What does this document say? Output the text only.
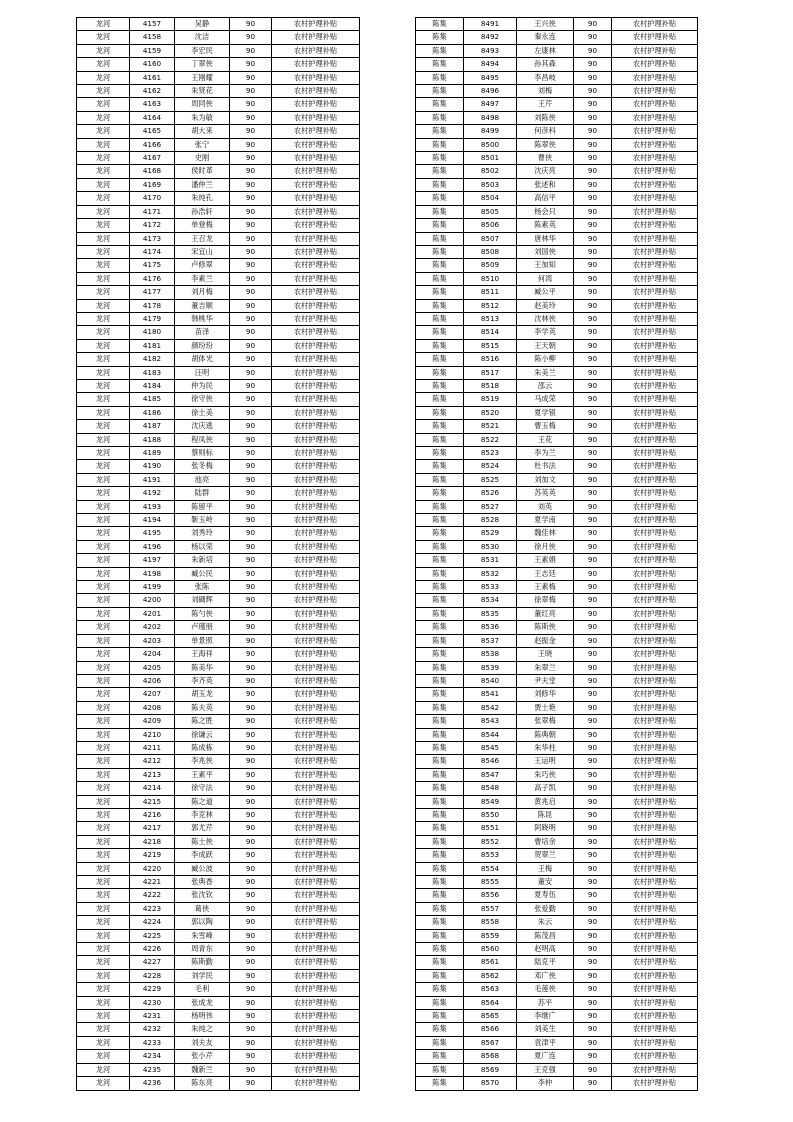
龙河	4157	吴静	90	农村护理补贴
龙河	4158	沈洁	90	农村护理补贴
龙河	4159	李宏民	90	农村护理补贴
龙河	4160	丁翠侠	90	农村护理补贴
龙河	4161	王刚耀	90	农村护理补贴
龙河	4162	朱贤花	90	农村护理补贴
龙河	4163	周同侠	90	农村护理补贴
龙河	4164	朱为敏	90	农村护理补贴
龙河	4165	胡大来	90	农村护理补贴
龙河	4166	张宁	90	农村护理补贴
龙河	4167	史刚	90	农村护理补贴
龙河	4168	侯时革	90	农村护理补贴
龙河	4169	潘仲兰	90	农村护理补贴
龙河	4170	朱纯孔	90	农村护理补贴
龙河	4171	孙浩轩	90	农村护理补贴
龙河	4172	单登梅	90	农村护理补贴
龙河	4173	王召龙	90	农村护理补贴
龙河	4174	宋宜山	90	农村护理补贴
龙河	4175	卢修翠	90	农村护理补贴
龙河	4176	李素兰	90	农村护理补贴
龙河	4177	刘月梅	90	农村护理补贴
龙河	4178	董吉顺	90	农村护理补贴
龙河	4179	韩桃华	90	农村护理补贴
龙河	4180	苗泽	90	农村护理补贴
龙河	4181	颜玢玢	90	农村护理补贴
龙河	4182	胡体光	90	农村护理补贴
龙河	4183	汪明	90	农村护理补贴
龙河	4184	仲为民	90	农村护理补贴
龙河	4185	徐守侠	90	农村护理补贴
龙河	4186	徐士美	90	农村护理补贴
龙河	4187	沈庆逃	90	农村护理补贴
龙河	4188	程凤侠	90	农村护理补贴
龙河	4189	蔡则标	90	农村护理补贴
龙河	4190	张冬梅	90	农村护理补贴
龙河	4191	池亮	90	农村护理补贴
龙河	4192	陆群	90	农村护理补贴
龙河	4193	陈留平	90	农村护理补贴
龙河	4194	靳玉岭	90	农村护理补贴
龙河	4195	刘秀玲	90	农村护理补贴
龙河	4196	杨以荣	90	农村护理补贴
龙河	4197	朱新培	90	农村护理补贴
龙河	4198	臧公民	90	农村护理补贴
龙河	4199	张陈	90	农村护理补贴
龙河	4200	刘碉辉	90	农村护理补贴
龙河	4201	陈勺侠	90	农村护理补贴
龙河	4202	卢瑾朋	90	农村护理补贴
龙河	4203	单景照	90	农村护理补贴
龙河	4204	王海祥	90	农村护理补贴
龙河	4205	陈美华	90	农村护理补贴
龙河	4206	李齐英	90	农村护理补贴
龙河	4207	胡玉龙	90	农村护理补贴
龙河	4208	陈夫英	90	农村护理补贴
龙河	4209	陈之胜	90	农村护理补贴
龙河	4210	徐谦云	90	农村护理补贴
龙河	4211	陈成栋	90	农村护理补贴
龙河	4212	李兆侠	90	农村护理补贴
龙河	4213	王素平	90	农村护理补贴
龙河	4214	徐守法	90	农村护理补贴
龙河	4215	陈之道	90	农村护理补贴
龙河	4216	李克林	90	农村护理补贴
龙河	4217	郭尤芹	90	农村护理补贴
龙河	4218	陈士侠	90	农村护理补贴
龙河	4219	李成跃	90	农村护理补贴
龙河	4220	臧公波	90	农村护理补贴
龙河	4221	张典香	90	农村护理补贴
龙河	4222	张沈钦	90	农村护理补贴
龙河	4223	葛侠	90	农村护理补贴
龙河	4224	郭以陶	90	农村护理补贴
龙河	4225	朱雪峰	90	农村护理补贴
龙河	4226	周青东	90	农村护理补贴
龙河	4227	陈斯勤	90	农村护理补贴
龙河	4228	刘学民	90	农村护理补贴
龙河	4229	毛利	90	农村护理补贴
龙河	4230	张成龙	90	农村护理补贴
龙河	4231	杨明伟	90	农村护理补贴
龙河	4232	朱纯之	90	农村护理补贴
龙河	4233	刘夫友	90	农村护理补贴
龙河	4234	张小芹	90	农村护理补贴
龙河	4235	魏新兰	90	农村护理补贴
龙河	4236	陈东亮	90	农村护理补贴
陈集	8491	王兴侠	90	农村护理补贴
陈集	8492	秦永连	90	农村护理补贴
陈集	8493	左康林	90	农村护理补贴
陈集	8494	孙其森	90	农村护理补贴
陈集	8495	李昌岐	90	农村护理补贴
陈集	8496	刘梅	90	农村护理补贴
陈集	8497	王芹	90	农村护理补贴
陈集	8498	刘陈侠	90	农村护理补贴
陈集	8499	何彦科	90	农村护理补贴
陈集	8500	陈翠侠	90	农村护理补贴
陈集	8501	曹侠	90	农村护理补贴
陈集	8502	沈庆亮	90	农村护理补贴
陈集	8503	张述和	90	农村护理补贴
陈集	8504	高信平	90	农村护理补贴
陈集	8505	杨会只	90	农村护理补贴
陈集	8506	陈素英	90	农村护理补贴
陈集	8507	唐林华	90	农村护理补贴
陈集	8508	刘国侠	90	农村护理补贴
陈集	8509	王加知	90	农村护理补贴
陈集	8510	何湾	90	农村护理补贴
陈集	8511	臧公平	90	农村护理补贴
陈集	8512	赵美玲	90	农村护理补贴
陈集	8513	沈林侠	90	农村护理补贴
陈集	8514	李学英	90	农村护理补贴
陈集	8515	王天朝	90	农村护理补贴
陈集	8516	陈小柳	90	农村护理补贴
陈集	8517	朱美兰	90	农村护理补贴
陈集	8518	邵云	90	农村护理补贴
陈集	8519	马成荣	90	农村护理补贴
陈集	8520	夏学银	90	农村护理补贴
陈集	8521	曹玉梅	90	农村护理补贴
陈集	8522	王花	90	农村护理补贴
陈集	8523	李为兰	90	农村护理补贴
陈集	8524	杜书法	90	农村护理补贴
陈集	8525	刘加文	90	农村护理补贴
陈集	8526	苏英英	90	农村护理补贴
陈集	8527	刘英	90	农村护理补贴
陈集	8528	夏学南	90	农村护理补贴
陈集	8529	魏佳林	90	农村护理补贴
陈集	8530	徐月侠	90	农村护理补贴
陈集	8531	王素娟	90	农村护理补贴
陈集	8532	王志廷	90	农村护理补贴
陈集	8533	王素梅	90	农村护理补贴
陈集	8534	徐翠梅	90	农村护理补贴
陈集	8535	董红亮	90	农村护理补贴
陈集	8536	陈斯侠	90	农村护理补贴
陈集	8537	赵振金	90	农村护理补贴
陈集	8538	王晓	90	农村护理补贴
陈集	8539	朱翠兰	90	农村护理补贴
陈集	8540	尹夫堂	90	农村护理补贴
陈集	8541	刘修华	90	农村护理补贴
陈集	8542	贾士艳	90	农村护理补贴
陈集	8543	张翠梅	90	农村护理补贴
陈集	8544	陈典朝	90	农村护理补贴
陈集	8545	朱华柱	90	农村护理补贴
陈集	8546	王运明	90	农村护理补贴
陈集	8547	朱巧侠	90	农村护理补贴
陈集	8548	高子凯	90	农村护理补贴
陈集	8549	黄兆启	90	农村护理补贴
陈集	8550	陈昆	90	农村护理补贴
陈集	8551	阿跷明	90	农村护理补贴
陈集	8552	曹培余	90	农村护理补贴
陈集	8553	贺翠兰	90	农村护理补贴
陈集	8554	王梅	90	农村护理补贴
陈集	8555	董安	90	农村护理补贴
陈集	8556	夏寿伍	90	农村护理补贴
陈集	8557	张爱勤	90	农村护理补贴
陈集	8558	朱云	90	农村护理补贴
陈集	8559	陈茂昌	90	农村护理补贴
陈集	8560	赵明高	90	农村护理补贴
陈集	8561	陆克平	90	农村护理补贴
陈集	8562	邓广侠	90	农村护理补贴
陈集	8563	毛莲侠	90	农村护理补贴
陈集	8564	苏平	90	农村护理补贴
陈集	8565	李继广	90	农村护理补贴
陈集	8566	刘美生	90	农村护理补贴
陈集	8567	袁津平	90	农村护理补贴
陈集	8568	夏广连	90	农村护理补贴
陈集	8569	王克强	90	农村护理补贴
陈集	8570	李仲	90	农村护理补贴
